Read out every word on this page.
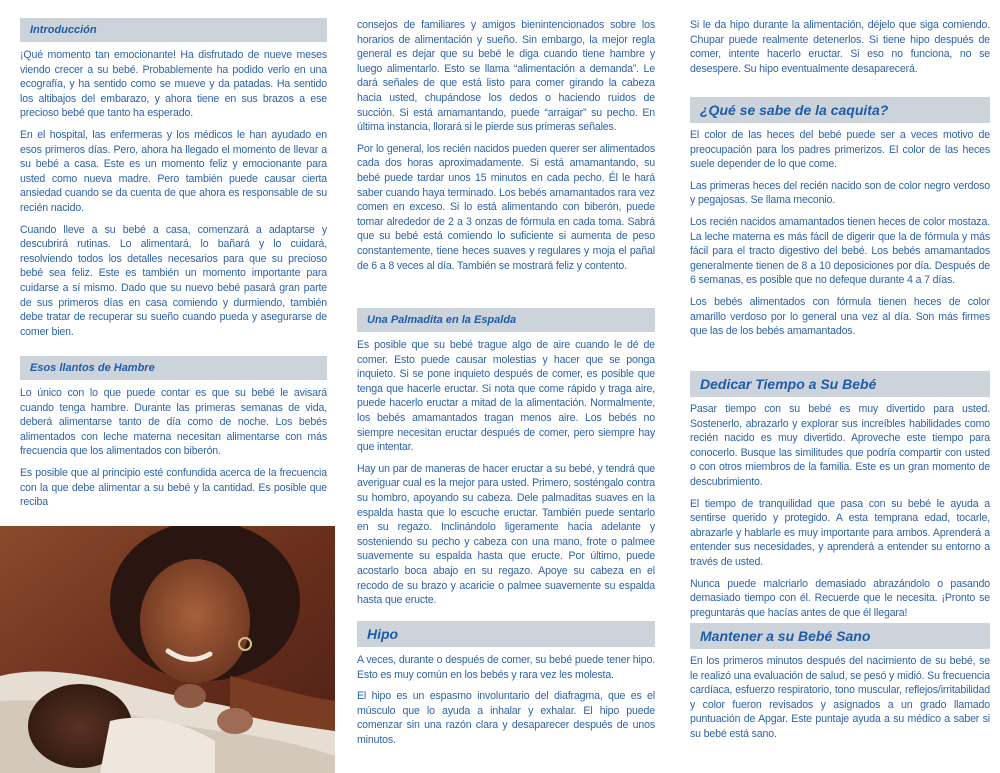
Introducción

¡Qué momento tan emocionante! Ha disfrutado de nueve meses viendo crecer a su bebé. Probablemente ha podido verlo en una ecografía, y ha sentido como se mueve y da patadas. Ha sentido los altibajos del embarazo, y ahora tiene en sus brazos a ese precioso bebé que tanto ha esperado.

En el hospital, las enfermeras y los médicos le han ayudado en esos primeros días. Pero, ahora ha llegado el momento de llevar a su bebé a casa. Este es un momento feliz y emocionante para usted como nueva madre. Pero también puede causar cierta ansiedad cuando se da cuenta de que ahora es responsable de su recién nacido.

Cuando lleve a su bebé a casa, comenzará a adaptarse y descubrirá rutinas. Lo alimentará, lo bañará y lo cuidará, resolviendo todos los detalles necesarios para que su precioso bebé sea feliz. Este es también un momento importante para cuidarse a sí mismo. Dado que su nuevo bebé pasará gran parte de sus primeros días en casa comiendo y durmiendo, también debe tratar de recuperar su sueño cuando pueda y asegurarse de comer bien.

Esos llantos de Hambre

Lo único con lo que puede contar es que su bebé le avisará cuando tenga hambre. Durante las primeras semanas de vida, deberá alimentarse tanto de día como de noche. Los bebés alimentados con leche materna necesitan alimentarse con más frecuencia que los alimentados con biberón.

Es posible que al principio esté confundida acerca de la frecuencia con la que debe alimentar a su bebé y la cantidad. Es posible que reciba

consejos de familiares y amigos bienintencionados sobre los horarios de alimentación y sueño. Sin embargo, la mejor regla general es dejar que su bebé le diga cuando tiene hambre y luego alimentarlo. Esto se llama “alimentación a demanda”. Le dará señales de que está listo para comer girando la cabeza hacia usted, chupándose los dedos o haciendo ruidos de succión. Si está amamantando, puede “arraigar” su pecho. En última instancia, llorará si le pierde sus primeras señales.

Por lo general, los recién nacidos pueden querer ser alimentados cada dos horas aproximadamente. Si está amamantando, su bebé puede tardar unos 15 minutos en cada pecho. Él le hará saber cuando haya terminado. Los bebés amamantados rara vez comen en exceso. Si lo está alimentando con biberón, puede tomar alrededor de 2 a 3 onzas de fórmula en cada toma. Sabrá que su bebé está comiendo lo suficiente si aumenta de peso constantemente, tiene heces suaves y regulares y moja el pañal de 6 a 8 veces al día. También se mostrará feliz y contento.

Una Palmadita en la Espalda

Es posible que su bebé trague algo de aire cuando le dé de comer. Esto puede causar molestias y hacer que se ponga inquieto. Si se pone inquieto después de comer, es posible que tenga que hacerle eructar. Si nota que come rápido y traga aire, puede hacerlo eructar a mitad de la alimentación. Normalmente, los bebés amamantados tragan menos aire. Los bebés no siempre necesitan eructar después de comer, pero siempre hay que intentar.

Hay un par de maneras de hacer eructar a su bebé, y tendrá que averiguar cual es la mejor para usted. Primero, sosténgalo contra su hombro, apoyando su cabeza. Dele palmaditas suaves en la espalda hasta que lo escuche eructar. También puede sentarlo en su regazo. Inclinándolo ligeramente hacia adelante y sosteniendo su pecho y cabeza con una mano, frote o palmee suavemente su espalda hasta que eructe. Por último, puede acostarlo boca abajo en su regazo. Apoye su cabeza en el recodo de su brazo y acaricie o palmee suavemente su espalda hasta que eructe.

Hipo

A veces, durante o después de comer, su bebé puede tener hipo. Esto es muy común en los bebés y rara vez les molesta.

El hipo es un espasmo involuntario del diafragma, que es el músculo que lo ayuda a inhalar y exhalar. El hipo puede comenzar sin una razón clara y desaparecer después de unos minutos.

Si le da hipo durante la alimentación, déjelo que siga comiendo. Chupar puede realmente detenerlos. Si tiene hipo después de comer, intente hacerlo eructar. Si eso no funciona, no se desespere. Su hipo eventualmente desaparecerá.

¿Qué se sabe de la caquita?

El color de las heces del bebé puede ser a veces motivo de preocupación para los padres primerizos. El color de las heces suele depender de lo que come.

Las primeras heces del recién nacido son de color negro verdoso y pegajosas. Se llama meconio.

Los recién nacidos amamantados tienen heces de color mostaza. La leche materna es más fácil de digerir que la de fórmula y más fácil para el tracto digestivo del bebé. Los bebés amamantados generalmente tienen de 8 a 10 deposiciones por día. Después de 6 semanas, es posible que no defeque durante 4 a 7 días.

Los bebés alimentados con fórmula tienen heces de color amarillo verdoso por lo general una vez al día. Son más firmes que las de los bebés amamantados.

Dedicar Tiempo a Su Bebé

Pasar tiempo con su bebé es muy divertido para usted. Sostenerlo, abrazarlo y explorar sus increíbles habilidades como recién nacido es muy divertido. Aproveche este tiempo para conocerlo. Busque las similitudes que podría compartir con usted o con otros miembros de la familia. Este es un gran momento de descubrimiento.

El tiempo de tranquilidad que pasa con su bebé le ayuda a sentirse querido y protegido. A esta temprana edad, tocarle, abrazarle y hablarle es muy importante para ambos. Aprenderá a entender sus necesidades, y aprenderá a entender su entorno a través de usted.

Nunca puede malcriarlo demasiado abrazándolo o pasando demasiado tiempo con él. Recuerde que le necesita. ¡Pronto se preguntarás que hacías antes de que él llegara!

Mantener a su Bebé Sano

En los primeros minutos después del nacimiento de su bebé, se le realizó una evaluación de salud, se pesó y midió. Su frecuencia cardíaca, esfuerzo respiratorio, tono muscular, reflejos/irritabilidad y color fueron revisados y asignados a un grado llamado puntuación de Apgar. Este puntaje ayuda a su médico a saber si su bebé está sano.
